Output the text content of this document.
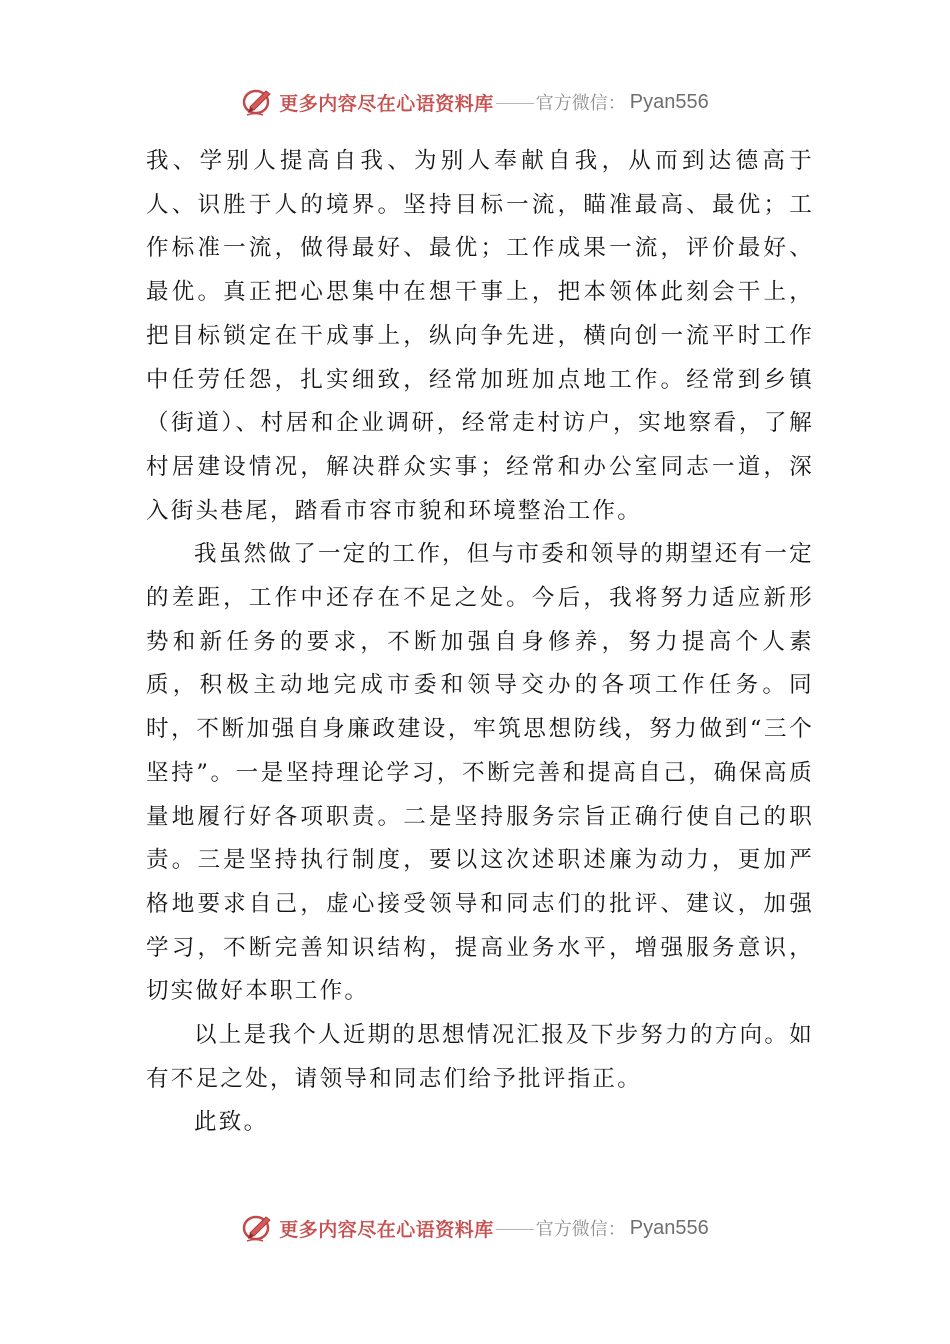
更多内容尽在心语资料库 官方微信： Pyan556

我、学别人提高自我、为别人奉献自我，从而到达德高于人、识胜于人的境界。坚持目标一流，瞄准最高、最优；工作标准一流，做得最好、最优；工作成果一流，评价最好、最优。真正把心思集中在想干事上，把本领体此刻会干上，把目标锁定在干成事上，纵向争先进，横向创一流平时工作中任劳任怨，扎实细致，经常加班加点地工作。经常到乡镇（街道）、村居和企业调研，经常走村访户，实地察看，了解村居建设情况，解决群众实事；经常和办公室同志一道，深入街头巷尾，踏看市容市貌和环境整治工作。

我虽然做了一定的工作，但与市委和领导的期望还有一定的差距，工作中还存在不足之处。今后，我将努力适应新形势和新任务的要求，不断加强自身修养，努力提高个人素质，积极主动地完成市委和领导交办的各项工作任务。同时，不断加强自身廉政建设，牢筑思想防线，努力做到“三个坚持”。一是坚持理论学习，不断完善和提高自己，确保高质量地履行好各项职责。二是坚持服务宗旨正确行使自己的职责。三是坚持执行制度，要以这次述职述廉为动力，更加严格地要求自己，虚心接受领导和同志们的批评、建议，加强学习，不断完善知识结构，提高业务水平，增强服务意识，切实做好本职工作。

以上是我个人近期的思想情况汇报及下步努力的方向。如有不足之处，请领导和同志们给予批评指正。

此致。

更多内容尽在心语资料库 官方微信： Pyan556
